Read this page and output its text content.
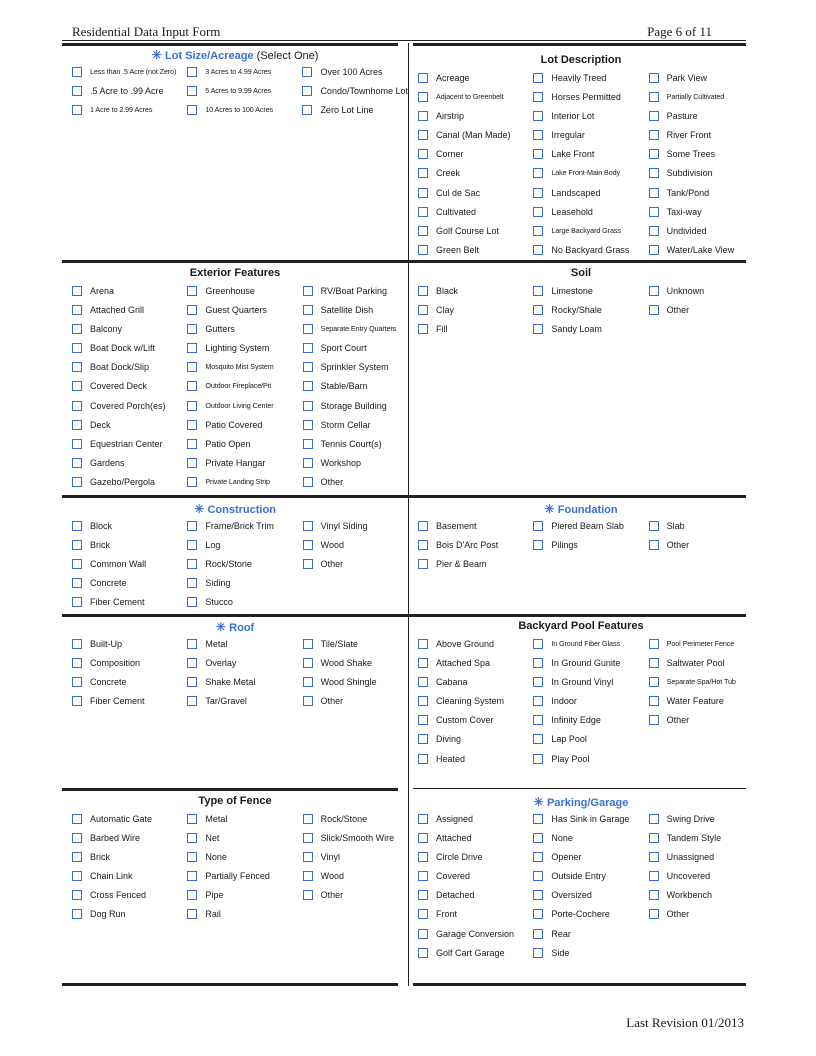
Residential Data Input Form	Page 6 of 11
✳ Lot Size/Acreage (Select One)
Less than .5 Acre (not Zero)
.5 Acre to .99 Acre
1 Acre to 2.99 Acres
3 Acres to 4.99 Acres
5 Acres to 9.99 Acres
10 Acres to 100 Acres
Over 100 Acres
Condo/Townhome Lot
Zero Lot Line
Lot Description
Acreage
Adjacent to Greenbelt
Airstrip
Canal (Man Made)
Corner
Creek
Cul de Sac
Cultivated
Golf Course Lot
Green Belt
Heavily Treed
Horses Permitted
Interior Lot
Irregular
Lake Front
Lake Front-Main Body
Landscaped
Leasehold
Large Backyard Grass
No Backyard Grass
Park View
Partially Cultivated
Pasture
River Front
Some Trees
Subdivision
Tank/Pond
Taxi-way
Undivided
Water/Lake View
Exterior Features
Arena
Attached Grill
Balcony
Boat Dock w/Lift
Boat Dock/Slip
Covered Deck
Covered Porch(es)
Deck
Equestrian Center
Gardens
Gazebo/Pergola
Greenhouse
Guest Quarters
Gutters
Lighting System
Mosquito Mist System
Outdoor Fireplace/Pit
Outdoor Living Center
Patio Covered
Patio Open
Private Hangar
Private Landing Strip
RV/Boat Parking
Satellite Dish
Separate Entry Quarters
Sport Court
Sprinkler System
Stable/Barn
Storage Building
Storm Cellar
Tennis Court(s)
Workshop
Other
Soil
Black
Clay
Fill
Limestone
Rocky/Shale
Sandy Loam
Unknown
Other
✳ Construction
Block
Brick
Common Wall
Concrete
Fiber Cement
Frame/Brick Trim
Log
Rock/Stone
Siding
Stucco
Vinyl Siding
Wood
Other
✳ Foundation
Basement
Bois D'Arc Post
Pier & Beam
Piered Beam Slab
Pilings
Slab
Other
✳ Roof
Built-Up
Composition
Concrete
Fiber Cement
Metal
Overlay
Shake Metal
Tar/Gravel
Tile/Slate
Wood Shake
Wood Shingle
Other
Backyard Pool Features
Above Ground
Attached Spa
Cabana
Cleaning System
Custom Cover
Diving
Heated
In Ground Fiber Glass
In Ground Gunite
In Ground Vinyl
Indoor
Infinity Edge
Lap Pool
Play Pool
Pool Perimeter Fence
Saltwater Pool
Separate Spa/Hot Tub
Water Feature
Other
Type of Fence
Automatic Gate
Barbed Wire
Brick
Chain Link
Cross Fenced
Dog Run
Metal
Net
None
Partially Fenced
Pipe
Rail
Rock/Stone
Slick/Smooth Wire
Vinyl
Wood
Other
✳ Parking/Garage
Assigned
Attached
Circle Drive
Covered
Detached
Front
Garage Conversion
Golf Cart Garage
Has Sink in Garage
None
Opener
Outside Entry
Oversized
Porte-Cochere
Rear
Side
Swing Drive
Tandem Style
Unassigned
Uncovered
Workbench
Other
Last Revision 01/2013
